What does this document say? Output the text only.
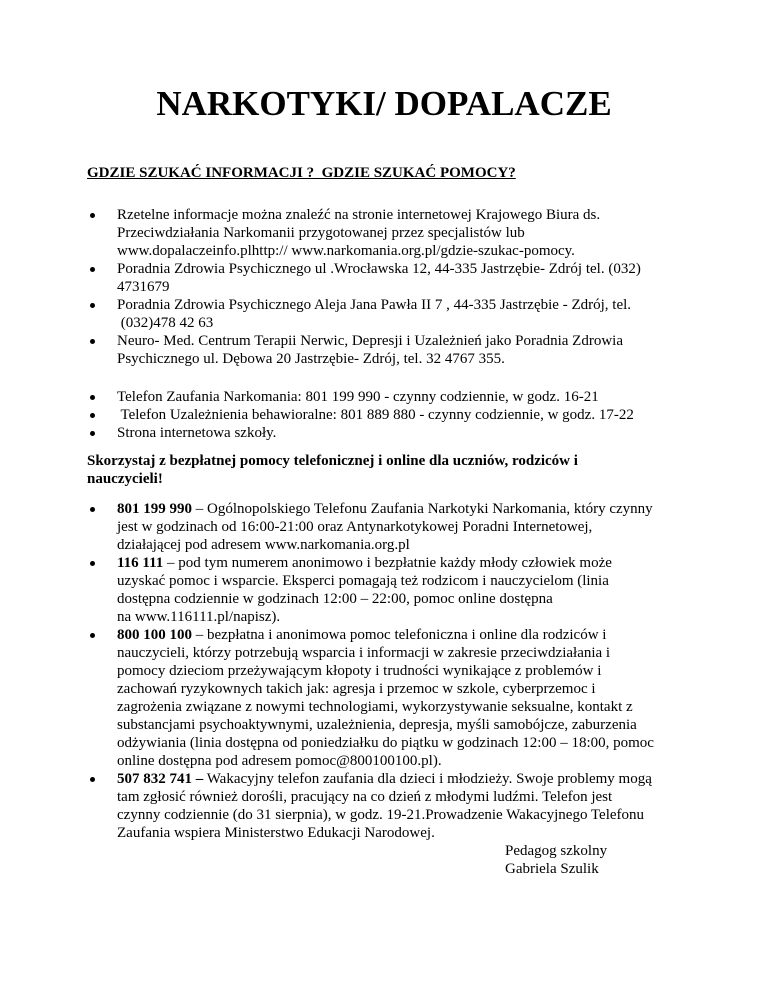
NARKOTYKI/ DOPALACZE
GDZIE SZUKAĆ INFORMACJI ?  GDZIE SZUKAĆ POMOCY?
Rzetelne informacje można znaleźć na stronie internetowej Krajowego Biura ds.
Przeciwdziałania Narkomanii przygotowanej przez specjalistów lub
www.dopalaczeinfo.plhttp:// www.narkomania.org.pl/gdzie-szukac-pomocy.
Poradnia Zdrowia Psychicznego ul .Wrocławska 12, 44-335 Jastrzębie- Zdrój tel. (032)
4731679
Poradnia Zdrowia Psychicznego Aleja Jana Pawła II 7 , 44-335 Jastrzębie - Zdrój, tel.
(032)478 42 63
Neuro- Med. Centrum Terapii Nerwic, Depresji i Uzależnień jako Poradnia Zdrowia
Psychicznego ul. Dębowa 20 Jastrzębie- Zdrój, tel. 32 4767 355.
Telefon Zaufania Narkomania: 801 199 990 - czynny codziennie, w godz. 16-21
Telefon Uzależnienia behawioralne: 801 889 880 - czynny codziennie, w godz. 17-22
Strona internetowa szkoły.
Skorzystaj z bezpłatnej pomocy telefonicznej i online dla uczniów, rodziców i
nauczycieli!
801 199 990 – Ogólnopolskiego Telefonu Zaufania Narkotyki Narkomania, który czynny
jest w godzinach od 16:00-21:00 oraz Antynarkotykowej Poradni Internetowej,
działającej pod adresem www.narkomania.org.pl
116 111 – pod tym numerem anonimowo i bezpłatnie każdy młody człowiek może
uzyskać pomoc i wsparcie. Eksperci pomagają też rodzicom i nauczycielom (linia
dostępna codziennie w godzinach 12:00 – 22:00, pomoc online dostępna
na www.116111.pl/napisz).
800 100 100 – bezpłatna i anonimowa pomoc telefoniczna i online dla rodziców i
nauczycieli, którzy potrzebują wsparcia i informacji w zakresie przeciwdziałania i
pomocy dzieciom przeżywającym kłopoty i trudności wynikające z problemów i
zachowań ryzykownych takich jak: agresja i przemoc w szkole, cyberprzemoc i
zagrożenia związane z nowymi technologiami, wykorzystywanie seksualne, kontakt z
substancjami psychoaktywnymi, uzależnienia, depresja, myśli samobójcze, zaburzenia
odżywiania (linia dostępna od poniedziałku do piątku w godzinach 12:00 – 18:00, pomoc
online dostępna pod adresem pomoc@800100100.pl).
507 832 741 – Wakacyjny telefon zaufania dla dzieci i młodzieży. Swoje problemy mogą
tam zgłosić również dorośli, pracujący na co dzień z młodymi ludźmi. Telefon jest
czynny codziennie (do 31 sierpnia), w godz. 19-21.Prowadzenie Wakacyjnego Telefonu
Zaufania wspiera Ministerstwo Edukacji Narodowej.
Pedagog szkolny
Gabriela Szulik
